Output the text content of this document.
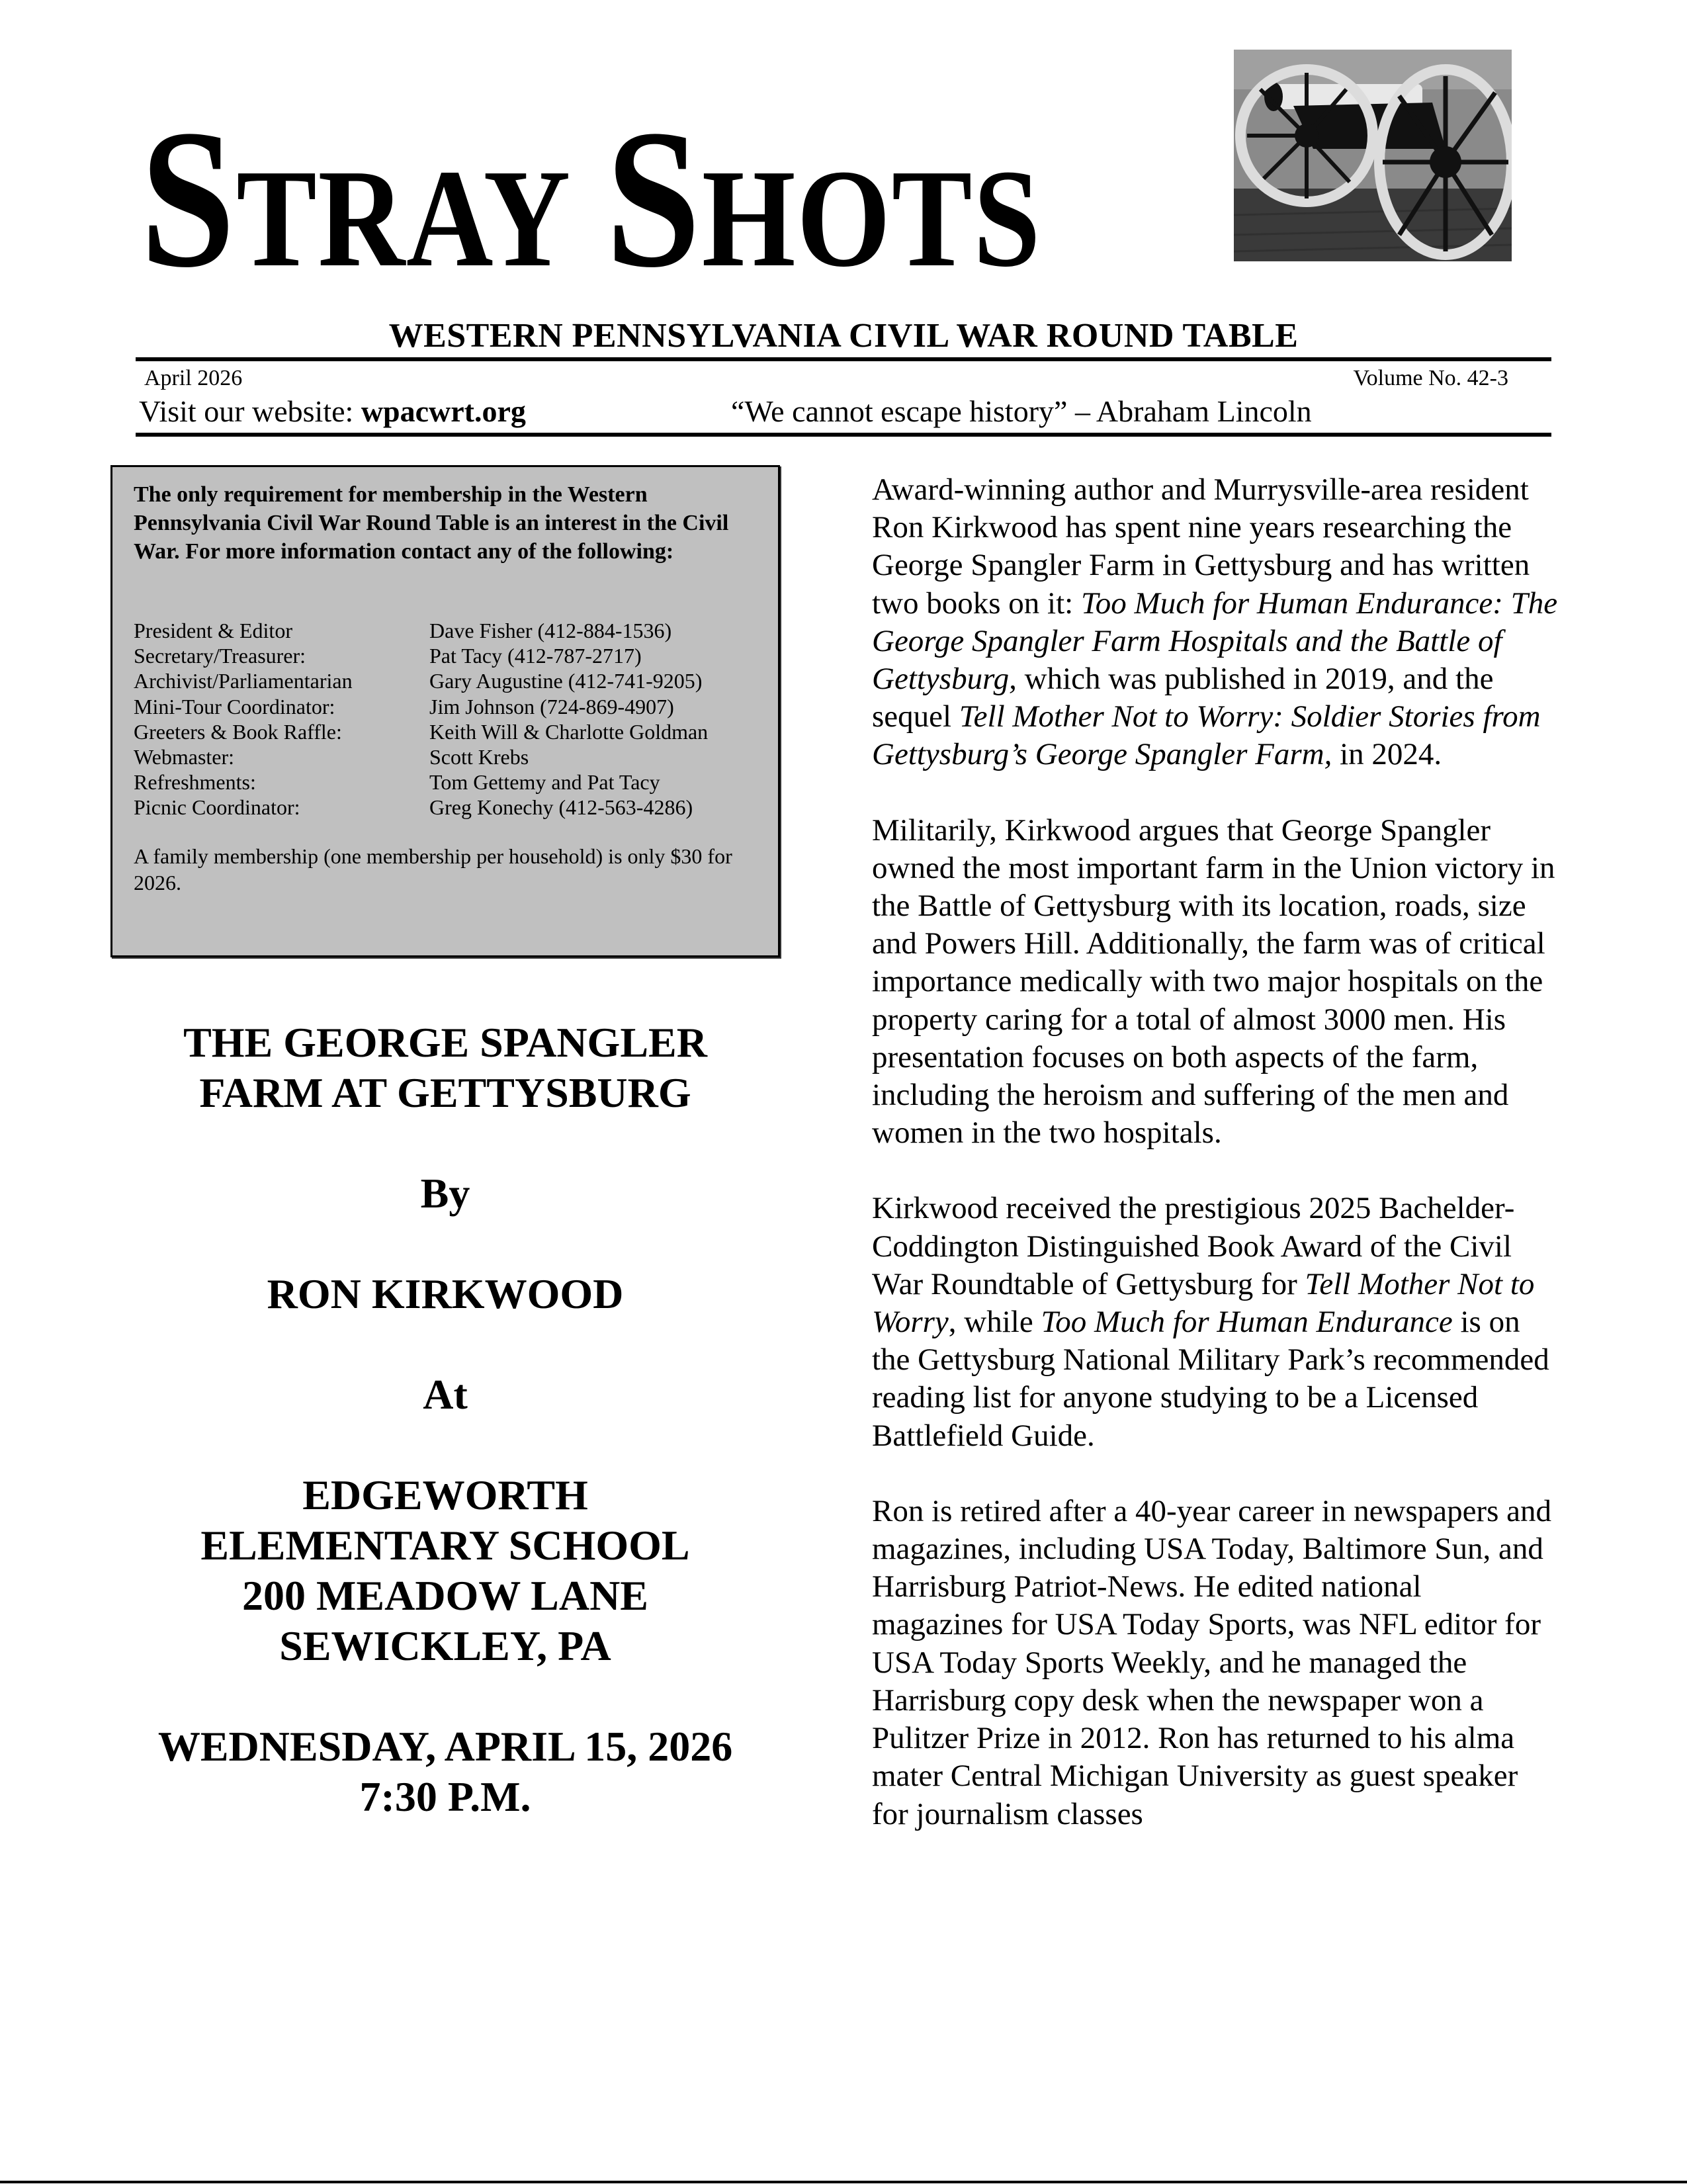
STRAY SHOTS
WESTERN PENNSYLVANIA CIVIL WAR ROUND TABLE
April 2026	Volume No. 42-3
Visit our website: wpacwrt.org	“We cannot escape history” – Abraham Lincoln
The only requirement for membership in the Western Pennsylvania Civil War Round Table is an interest in the Civil War. For more information contact any of the following:
President & Editor	Dave Fisher (412-884-1536)
Secretary/Treasurer:	Pat Tacy (412-787-2717)
Archivist/Parliamentarian	Gary Augustine (412-741-9205)
Mini-Tour Coordinator:	Jim Johnson (724-869-4907)
Greeters & Book Raffle:	Keith Will & Charlotte Goldman
Webmaster:	Scott Krebs
Refreshments:	Tom Gettemy and Pat Tacy
Picnic Coordinator:	Greg Konechy (412-563-4286)
A family membership (one membership per household) is only $30 for 2026.
THE GEORGE SPANGLER
FARM AT GETTYSBURG
By
RON KIRKWOOD
At
EDGEWORTH
ELEMENTARY SCHOOL
200 MEADOW LANE
SEWICKLEY, PA
WEDNESDAY, APRIL 15, 2026
7:30 P.M.

Award-winning author and Murrysville-area resident Ron Kirkwood has spent nine years researching the George Spangler Farm in Gettysburg and has written two books on it: Too Much for Human Endurance: The George Spangler Farm Hospitals and the Battle of Gettysburg, which was published in 2019, and the sequel Tell Mother Not to Worry: Soldier Stories from Gettysburg’s George Spangler Farm, in 2024.

Militarily, Kirkwood argues that George Spangler owned the most important farm in the Union victory in the Battle of Gettysburg with its location, roads, size and Powers Hill. Additionally, the farm was of critical importance medically with two major hospitals on the property caring for a total of almost 3000 men. His presentation focuses on both aspects of the farm, including the heroism and suffering of the men and women in the two hospitals.

Kirkwood received the prestigious 2025 Bachelder-Coddington Distinguished Book Award of the Civil War Roundtable of Gettysburg for Tell Mother Not to Worry, while Too Much for Human Endurance is on the Gettysburg National Military Park’s recommended reading list for anyone studying to be a Licensed Battlefield Guide.

Ron is retired after a 40-year career in newspapers and magazines, including USA Today, Baltimore Sun, and Harrisburg Patriot-News. He edited national magazines for USA Today Sports, was NFL editor for USA Today Sports Weekly, and he managed the Harrisburg copy desk when the newspaper won a Pulitzer Prize in 2012. Ron has returned to his alma mater Central Michigan University as guest speaker for journalism classes
